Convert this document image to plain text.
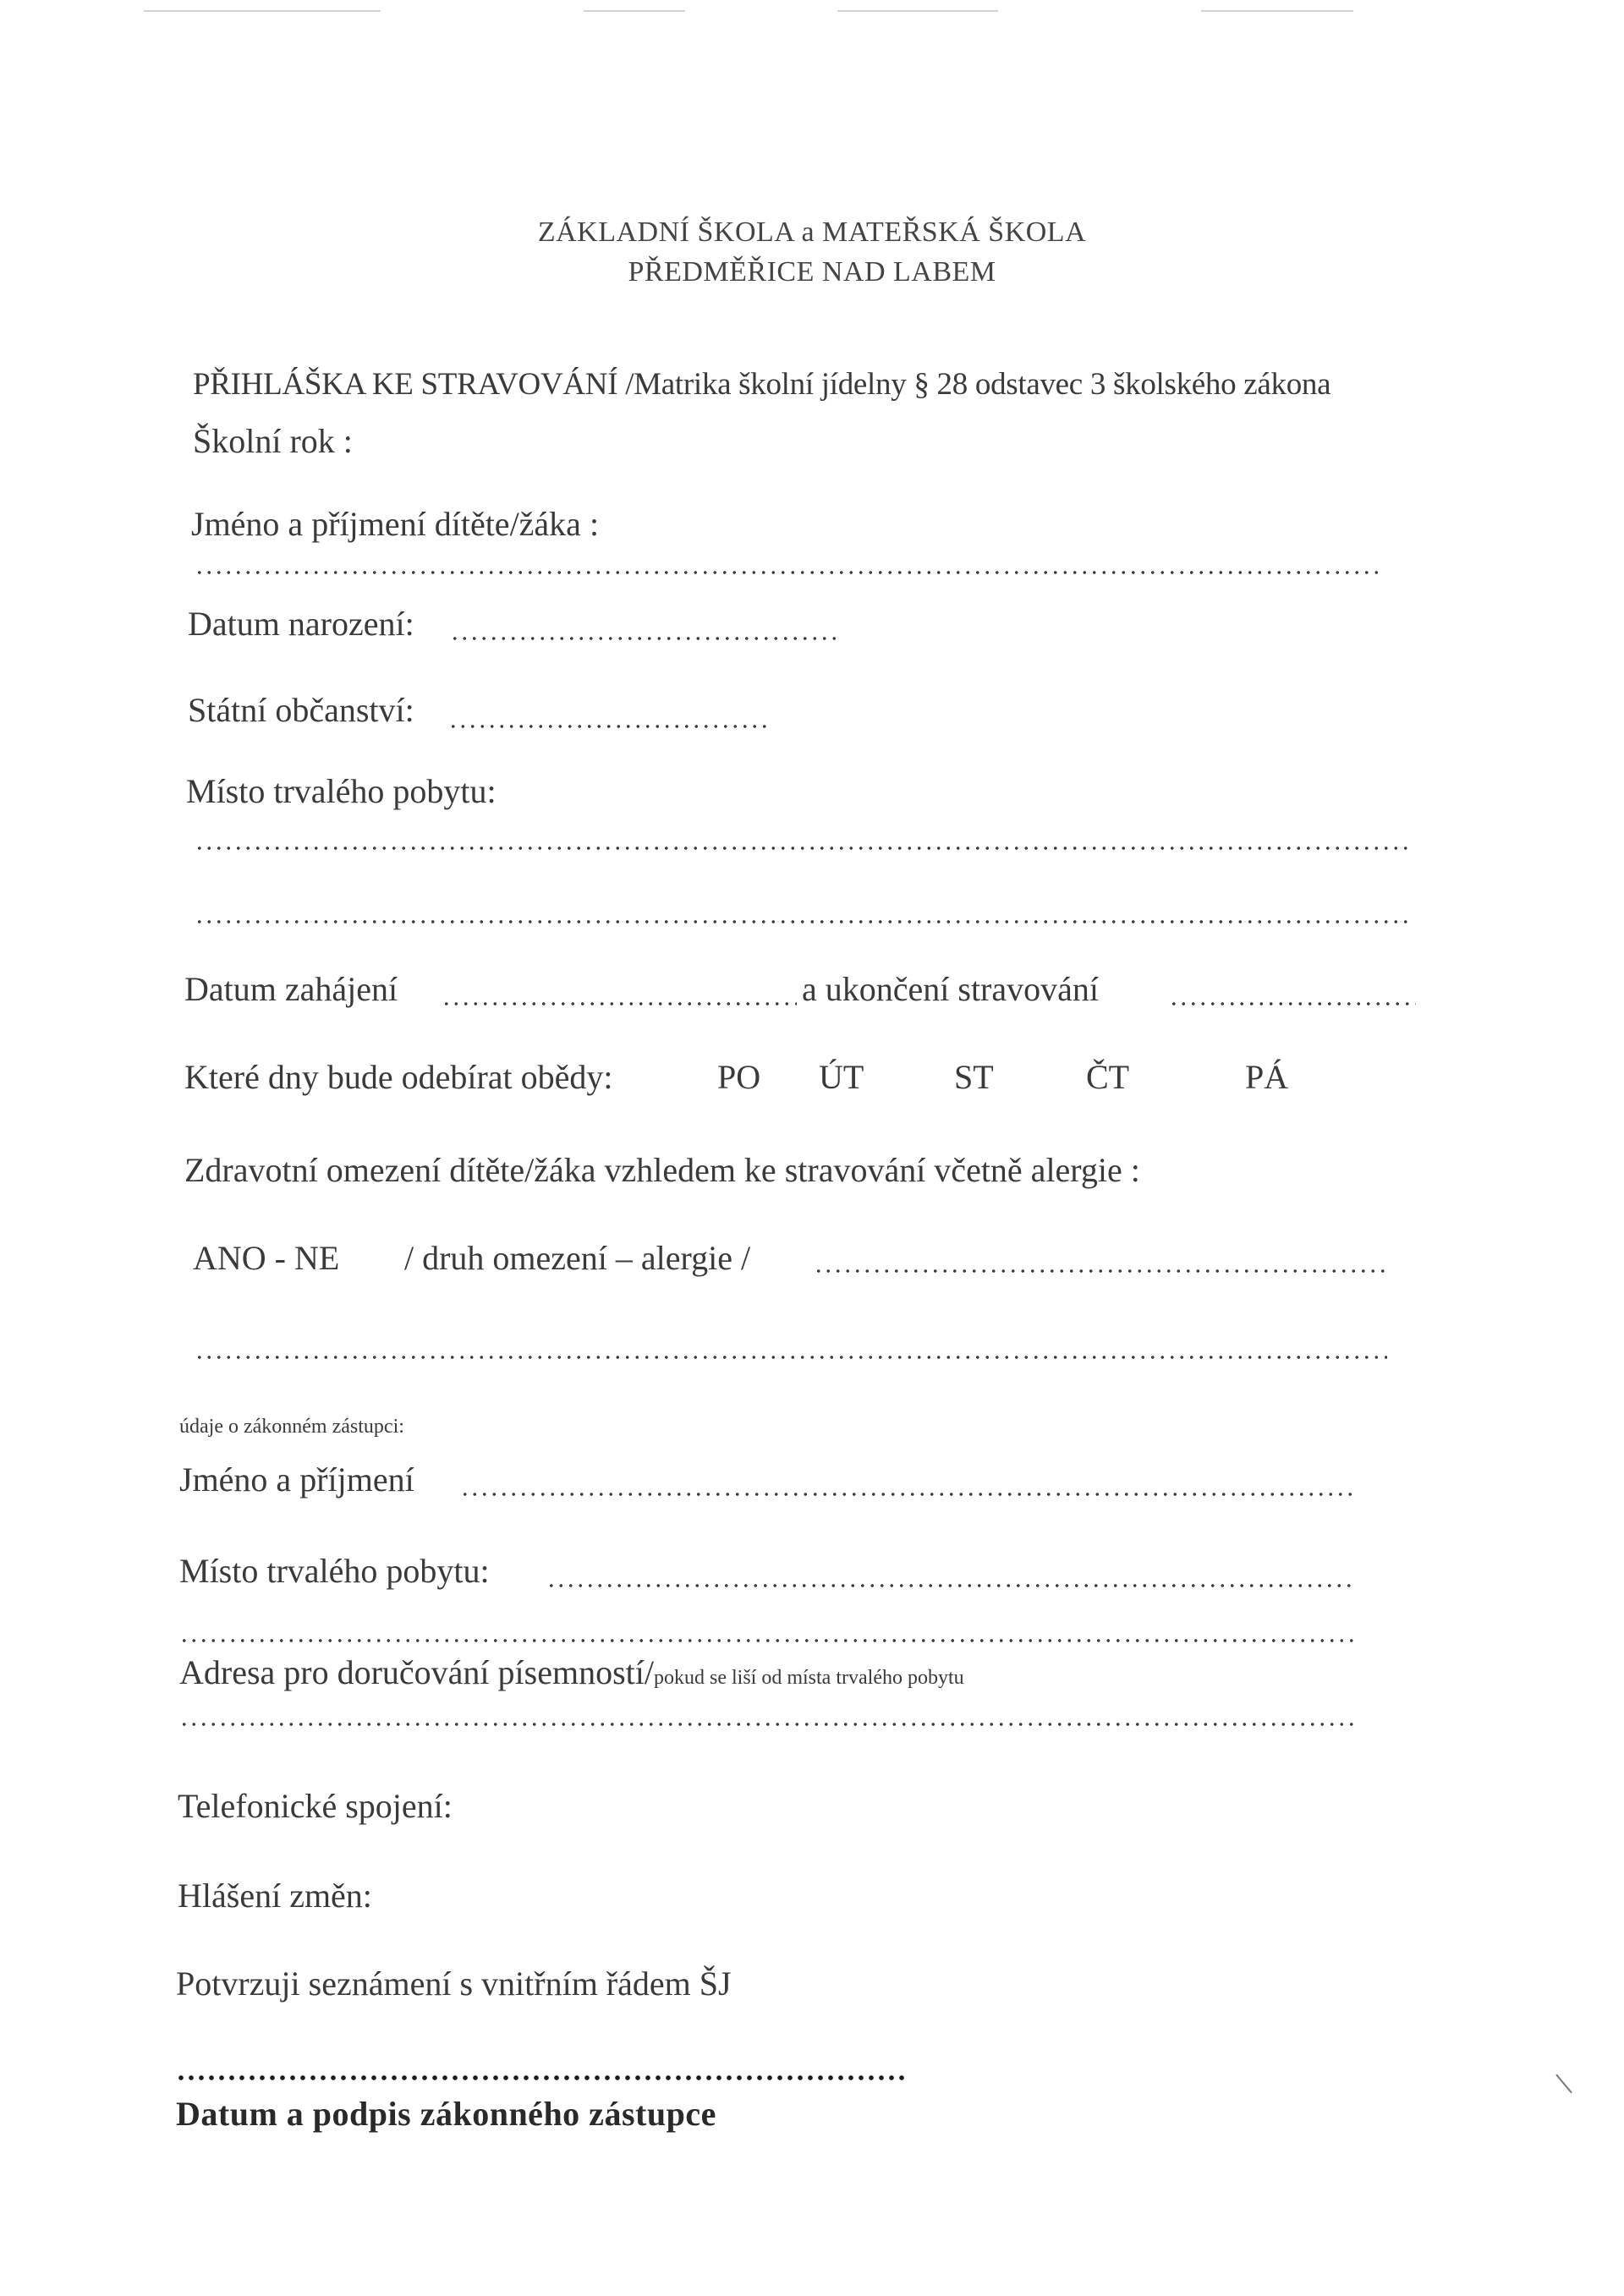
ZÁKLADNÍ ŠKOLA a MATEŘSKÁ ŠKOLA
PŘEDMĚŘICE NAD LABEM
PŘIHLÁŠKA KE STRAVOVÁNÍ /Matrika školní jídelny § 28 odstavec 3 školského zákona
Školní rok :
Jméno a příjmení dítěte/žáka :
Datum narození:
Státní občanství:
Místo trvalého pobytu:
Datum zahájení	a ukončení stravování
Které dny bude odebírat obědy:	PO ÚT	ST	ČT	PÁ
Zdravotní omezení dítěte/žáka vzhledem ke stravování včetně alergie :
ANO - NE / druh omezení – alergie /
údaje o zákonném zástupci:
Jméno a příjmení
Místo trvalého pobytu:
Adresa pro doručování písemností/pokud se liší od místa trvalého pobytu
Telefonické spojení:
Hlášení změn:
Potvrzuji seznámení s vnitřním řádem ŠJ
Datum a podpis zákonného zástupce
